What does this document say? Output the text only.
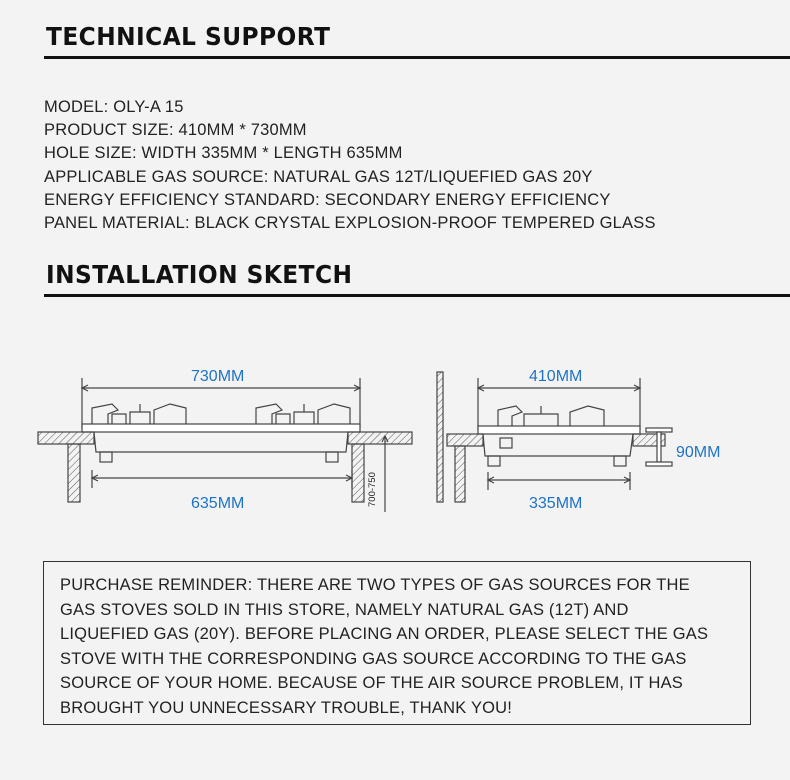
TECHNICAL SUPPORT
MODEL: OLY-A 15
PRODUCT SIZE: 410MM * 730MM
HOLE SIZE: WIDTH 335MM * LENGTH 635MM
APPLICABLE GAS SOURCE: NATURAL GAS 12T/LIQUEFIED GAS 20Y
ENERGY EFFICIENCY STANDARD: SECONDARY ENERGY EFFICIENCY
PANEL MATERIAL: BLACK CRYSTAL EXPLOSION-PROOF TEMPERED GLASS
INSTALLATION SKETCH
730MM
635MM	700-750
410MM
335MM
90MM
PURCHASE REMINDER: THERE ARE TWO TYPES OF GAS SOURCES FOR THE
GAS STOVES SOLD IN THIS STORE, NAMELY NATURAL GAS (12T) AND
LIQUEFIED GAS (20Y). BEFORE PLACING AN ORDER, PLEASE SELECT THE GAS
STOVE WITH THE CORRESPONDING GAS SOURCE ACCORDING TO THE GAS
SOURCE OF YOUR HOME. BECAUSE OF THE AIR SOURCE PROBLEM, IT HAS
BROUGHT YOU UNNECESSARY TROUBLE, THANK YOU!
